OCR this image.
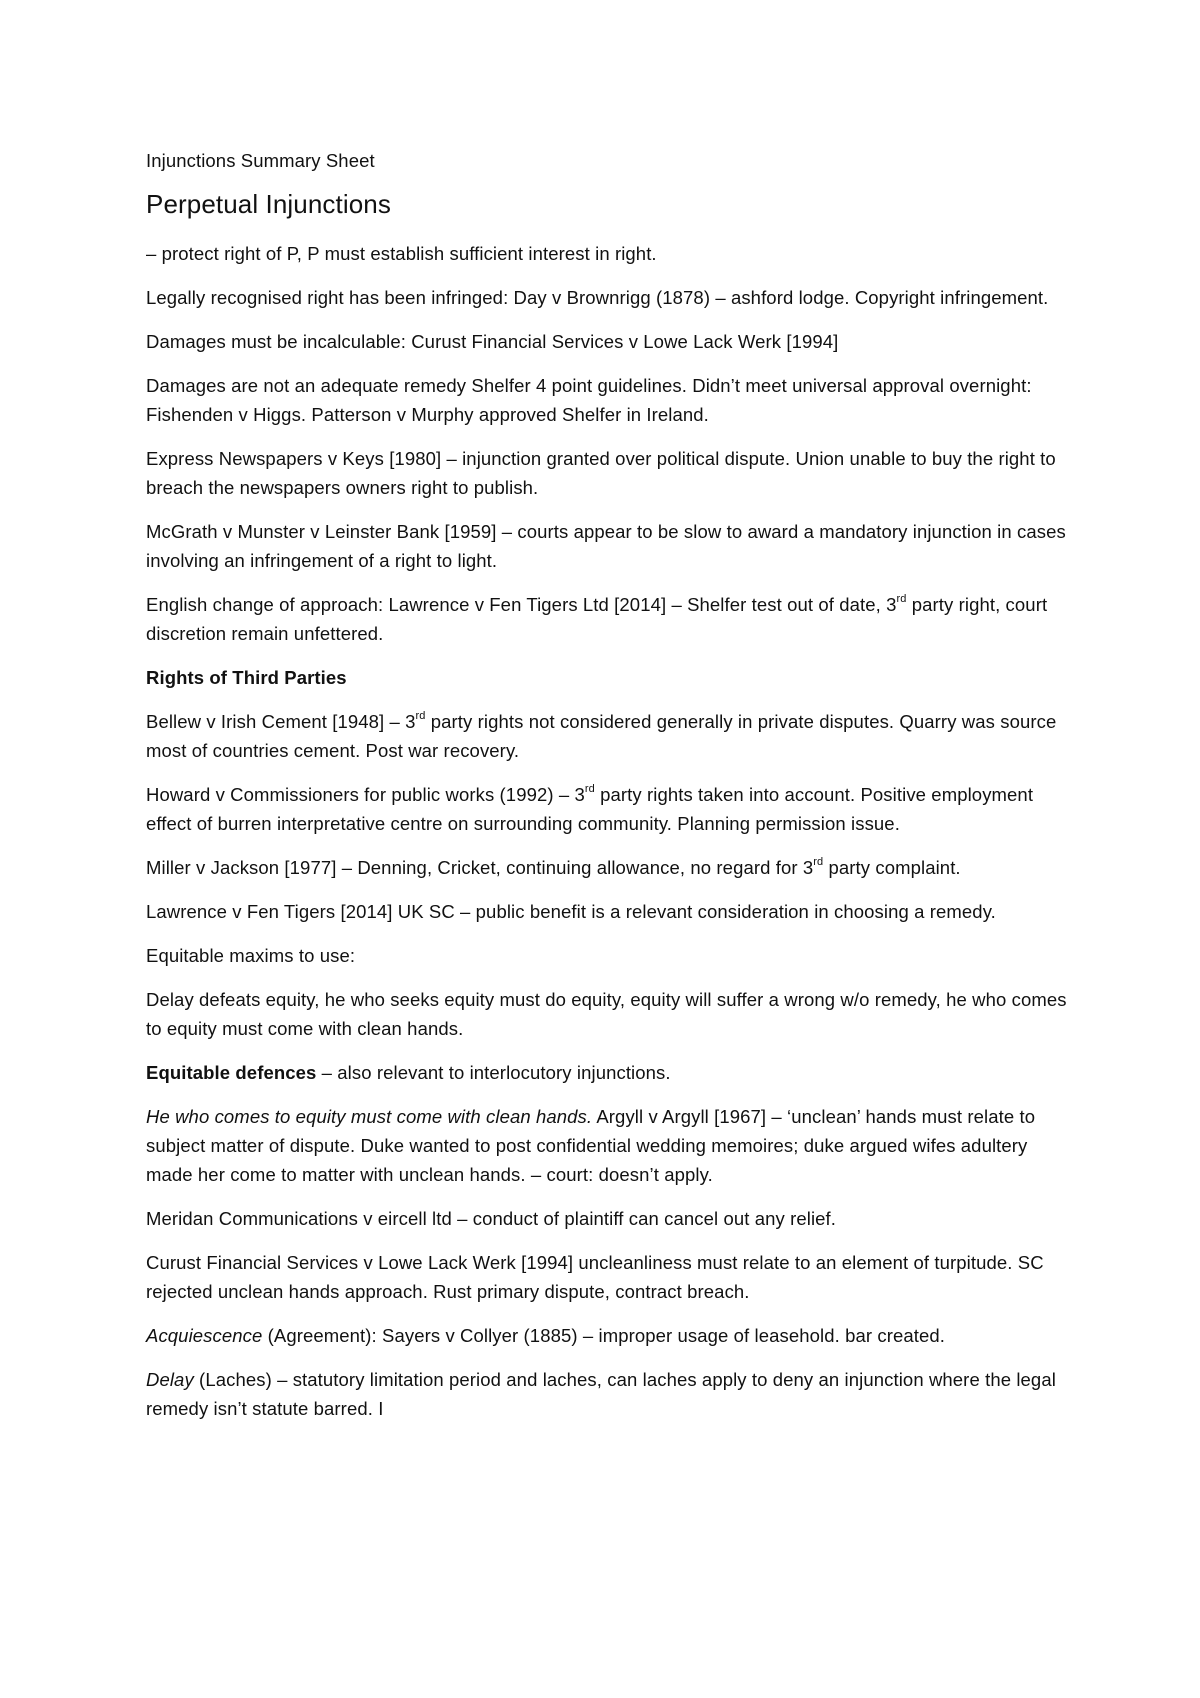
Injunctions Summary Sheet

Perpetual Injunctions

– protect right of P, P must establish sufficient interest in right.

Legally recognised right has been infringed: Day v Brownrigg (1878) – ashford lodge. Copyright infringement.

Damages must be incalculable: Curust Financial Services v Lowe Lack Werk [1994]

Damages are not an adequate remedy Shelfer 4 point guidelines. Didn’t meet universal approval overnight: Fishenden v Higgs. Patterson v Murphy approved Shelfer in Ireland.

Express Newspapers v Keys [1980] – injunction granted over political dispute. Union unable to buy the right to breach the newspapers owners right to publish.

McGrath v Munster v Leinster Bank [1959] – courts appear to be slow to award a mandatory injunction in cases involving an infringement of a right to light.

English change of approach: Lawrence v Fen Tigers Ltd [2014] – Shelfer test out of date, 3rd party right, court discretion remain unfettered.

Rights of Third Parties

Bellew v Irish Cement [1948] – 3rd party rights not considered generally in private disputes. Quarry was source most of countries cement. Post war recovery.

Howard v Commissioners for public works (1992) – 3rd party rights taken into account. Positive employment effect of burren interpretative centre on surrounding community. Planning permission issue.

Miller v Jackson [1977] – Denning, Cricket, continuing allowance, no regard for 3rd party complaint.

Lawrence v Fen Tigers [2014] UK SC – public benefit is a relevant consideration in choosing a remedy.

Equitable maxims to use:

Delay defeats equity, he who seeks equity must do equity, equity will suffer a wrong w/o remedy, he who comes to equity must come with clean hands.

Equitable defences – also relevant to interlocutory injunctions.

He who comes to equity must come with clean hands. Argyll v Argyll [1967] – ‘unclean’ hands must relate to subject matter of dispute. Duke wanted to post confidential wedding memoires; duke argued wifes adultery made her come to matter with unclean hands. – court: doesn’t apply.

Meridan Communications v eircell ltd – conduct of plaintiff can cancel out any relief.

Curust Financial Services v Lowe Lack Werk [1994] uncleanliness must relate to an element of turpitude. SC rejected unclean hands approach. Rust primary dispute, contract breach.

Acquiescence (Agreement): Sayers v Collyer (1885) – improper usage of leasehold. bar created.

Delay (Laches) – statutory limitation period and laches, can laches apply to deny an injunction where the legal remedy isn’t statute barred. I
